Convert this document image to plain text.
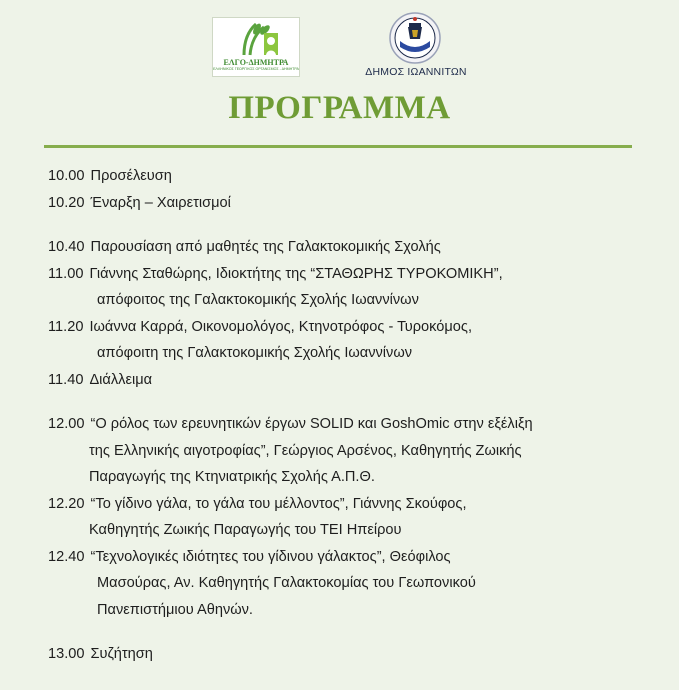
ΕΛΓΟ-ΔΗΜΗΤΡΑ
ΕΛΛΗΝΙΚΟΣ ΓΕΩΡΓΙΚΟΣ ΟΡΓΑΝΙΣΜΟΣ - ΔΗΜΗΤΡΑ	ΔΗΜΟΣ ΙΩΑΝΝΙΤΩΝ
ΠΡΟΓΡΑΜΜΑ
10.00 Προσέλευση
10.20 Έναρξη – Χαιρετισμοί
10.40 Παρουσίαση από μαθητές της Γαλακτοκομικής Σχολής
11.00 Γιάννης Σταθώρης, Ιδιοκτήτης της “ΣΤΑΘΩΡΗΣ ΤΥΡΟΚΟΜΙΚΗ”,
απόφοιτος της Γαλακτοκομικής Σχολής Ιωαννίνων
11.20 Ιωάννα Καρρά, Οικονομολόγος, Κτηνοτρόφος - Τυροκόμος,
απόφοιτη της Γαλακτοκομικής Σχολής Ιωαννίνων
11.40 Διάλλειμα
12.00 “Ο ρόλος των ερευνητικών έργων SOLID και GoshOmic στην εξέλιξη
της Ελληνικής αιγοτροφίας”, Γεώργιος Αρσένος, Καθηγητής Ζωικής
Παραγωγής της Κτηνιατρικής Σχολής Α.Π.Θ.
12.20 “Το γίδινο γάλα, το γάλα του μέλλοντος”, Γιάννης Σκούφος,
Καθηγητής Ζωικής Παραγωγής του ΤΕΙ Ηπείρου
12.40 “Τεχνολογικές ιδιότητες του γίδινου γάλακτος”, Θεόφιλος
Μασούρας, Αν. Καθηγητής Γαλακτοκομίας του Γεωπονικού
Πανεπιστήμιου Αθηνών.
13.00 Συζήτηση
